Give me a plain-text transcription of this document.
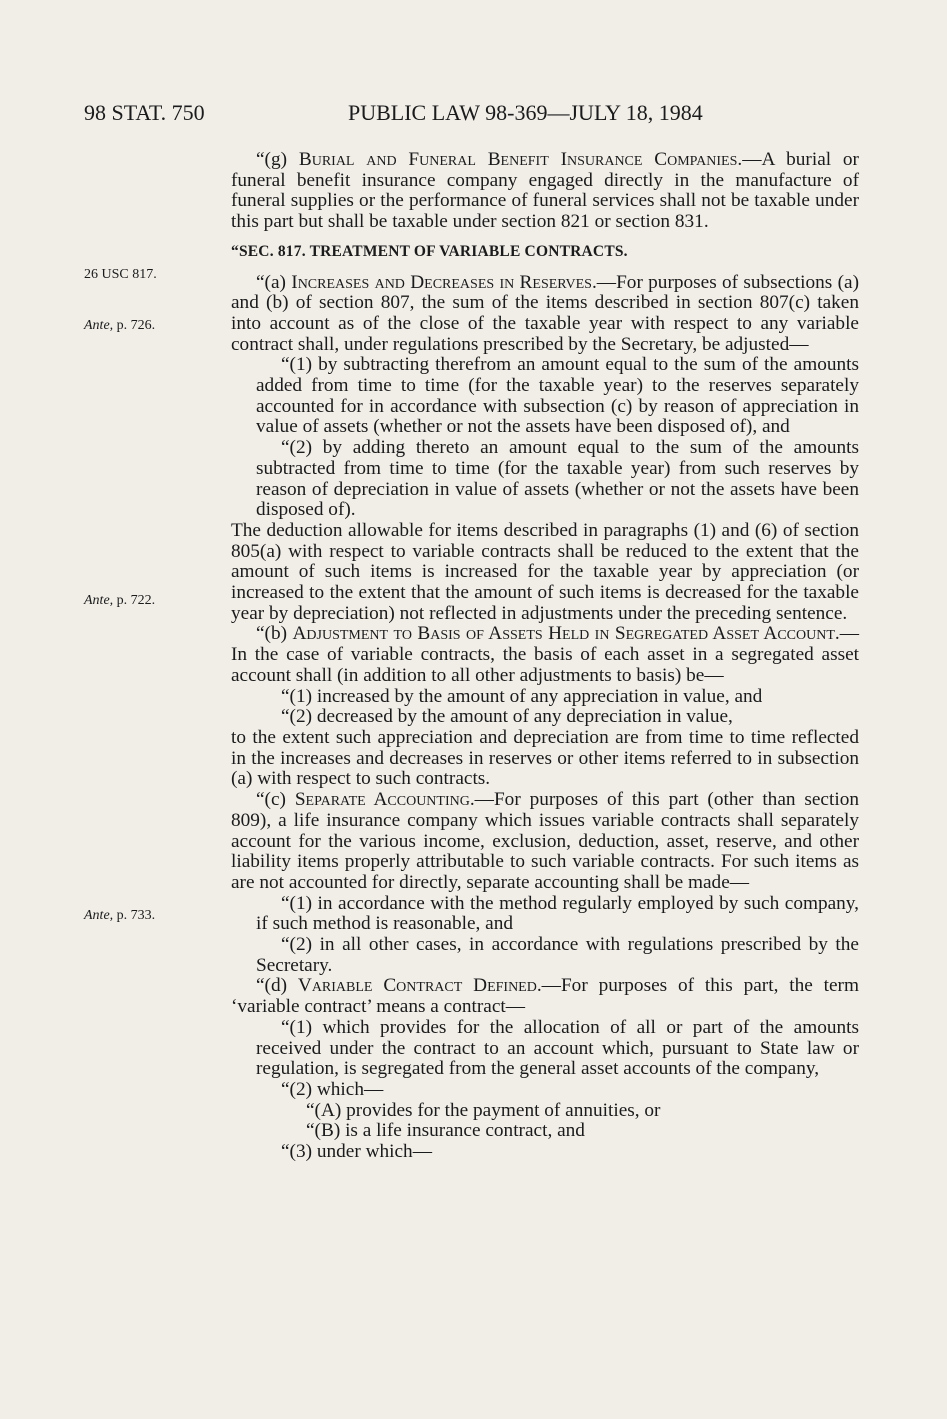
98 STAT. 750	PUBLIC LAW 98-369—JULY 18, 1984
26 USC 817.
Ante, p. 726.
Ante, p. 722.
Ante, p. 733.

“(g) Burial and Funeral Benefit Insurance Companies.—A burial or funeral benefit insurance company engaged directly in the manufacture of funeral supplies or the performance of funeral services shall not be taxable under this part but shall be taxable under section 821 or section 831.

“SEC. 817. TREATMENT OF VARIABLE CONTRACTS.

“(a) Increases and Decreases in Reserves.—For purposes of subsections (a) and (b) of section 807, the sum of the items described in section 807(c) taken into account as of the close of the taxable year with respect to any variable contract shall, under regulations prescribed by the Secretary, be adjusted—

“(1) by subtracting therefrom an amount equal to the sum of the amounts added from time to time (for the taxable year) to the reserves separately accounted for in accordance with subsection (c) by reason of appreciation in value of assets (whether or not the assets have been disposed of), and

“(2) by adding thereto an amount equal to the sum of the amounts subtracted from time to time (for the taxable year) from such reserves by reason of depreciation in value of assets (whether or not the assets have been disposed of).

The deduction allowable for items described in paragraphs (1) and (6) of section 805(a) with respect to variable contracts shall be reduced to the extent that the amount of such items is increased for the taxable year by appreciation (or increased to the extent that the amount of such items is decreased for the taxable year by depreciation) not reflected in adjustments under the preceding sentence.

“(b) Adjustment to Basis of Assets Held in Segregated Asset Account.—In the case of variable contracts, the basis of each asset in a segregated asset account shall (in addition to all other adjustments to basis) be—

“(1) increased by the amount of any appreciation in value, and

“(2) decreased by the amount of any depreciation in value,

to the extent such appreciation and depreciation are from time to time reflected in the increases and decreases in reserves or other items referred to in subsection (a) with respect to such contracts.

“(c) Separate Accounting.—For purposes of this part (other than section 809), a life insurance company which issues variable contracts shall separately account for the various income, exclusion, deduction, asset, reserve, and other liability items properly attributable to such variable contracts. For such items as are not accounted for directly, separate accounting shall be made—

“(1) in accordance with the method regularly employed by such company, if such method is reasonable, and

“(2) in all other cases, in accordance with regulations prescribed by the Secretary.

“(d) Variable Contract Defined.—For purposes of this part, the term ‘variable contract’ means a contract—

“(1) which provides for the allocation of all or part of the amounts received under the contract to an account which, pursuant to State law or regulation, is segregated from the general asset accounts of the company,

“(2) which—

“(A) provides for the payment of annuities, or

“(B) is a life insurance contract, and

“(3) under which—
